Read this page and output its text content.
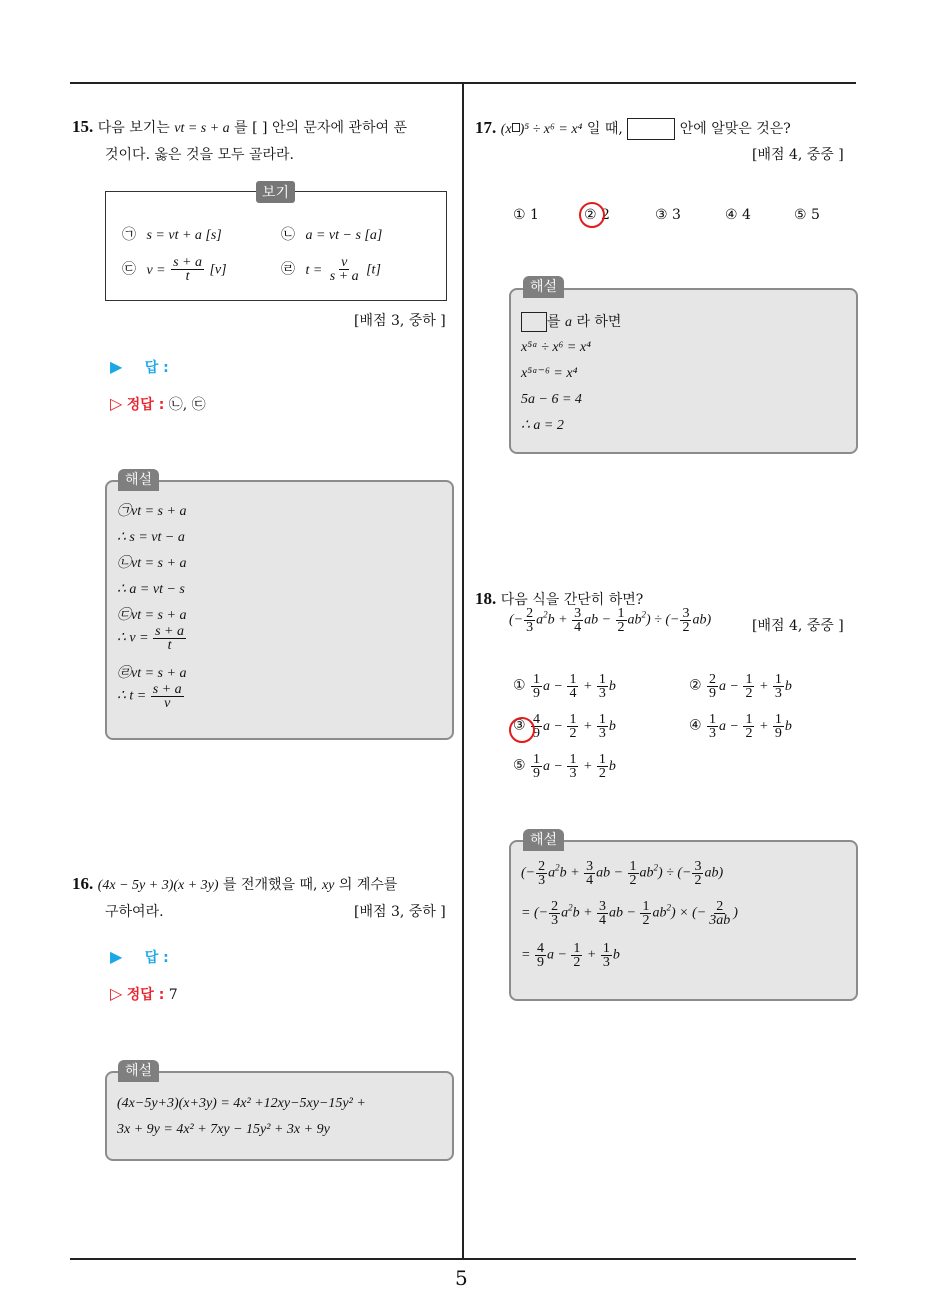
5
15. 다음 보기는 vt = s + a 를 [ ] 안의 문자에 관하여 푼
것이다. 옳은 것을 모두 골라라.
보기
㉠ s = vt + a [s]	㉡ a = vt − s [a]
㉢ $v = \frac{s + a}{t} [v]$	㉣ $t = \frac{v}{s + a} [t]$
[배점 3, 중하 ]
▶ 답 :
▷ 정답 : ㉡, ㉢
해설
㉠vt = s + a
∴ s = vt − a
㉡vt = s + a
∴ a = vt − s
㉢vt = s + a
∴ $v = \frac{s + a}{t}$
㉣vt = s + a
∴ $t = \frac{s + a}{v}$
16. (4x − 5y + 3)(x + 3y) 를 전개했을 때, xy 의 계수를
구하여라.	[배점 3, 중하 ]
▶ 답 :
▷ 정답 : 7
해설
(4x−5y+3)(x+3y) = 4x² +12xy−5xy−15y² +
3x + 9y = 4x² + 7xy − 15y² + 3x + 9y
17. (x )⁵ ÷ x⁶ = x⁴ 일 때,	안에 알맞은 것은?
[배점 4, 중중 ]
① 1	② 2	③ 3	④ 4	⑤ 5
해설
를 a 라 하면
x⁵ᵃ ÷ x⁶ = x⁴
x⁵ᵃ⁻⁶ = x⁴
5a − 6 = 4
∴ a = 2
18. 다음 식을 간단히 하면?
(− $\frac{2}{3} a^2b + \frac{3}{4}$ ab − $\frac{1}{2} ab^2$) ÷ (− $\frac{3}{2} ab$)	[배점 4, 중중 ]
① $\frac{1}{9}$ $a - \frac{1}{4} + \frac{1}{3}$ b	② $\frac{2}{9}$ $a - \frac{1}{2} + \frac{1}{3}$ b
③ $\frac{4}{9}$ $a - \frac{1}{2} + \frac{1}{3}$ b	④ $\frac{1}{3}$ $a - \frac{1}{2} + \frac{1}{9}$ b
⑤ $\frac{1}{9}$ $a - \frac{1}{3} + \frac{1}{2}$ b
해설
(− $\frac{2}{3} a^2b + \frac{3}{4}$ ab − $\frac{1}{2} ab^2$) ÷ (− $\frac{3}{2} ab$)
= (− $\frac{2}{3} a^2b + \frac{3}{4}$ ab − $\frac{1}{2} ab^2$) × (− $\frac{2}{3ab}$ )
= $\frac{4}{9}$ $a - \frac{1}{2} + \frac{1}{3}$ b
